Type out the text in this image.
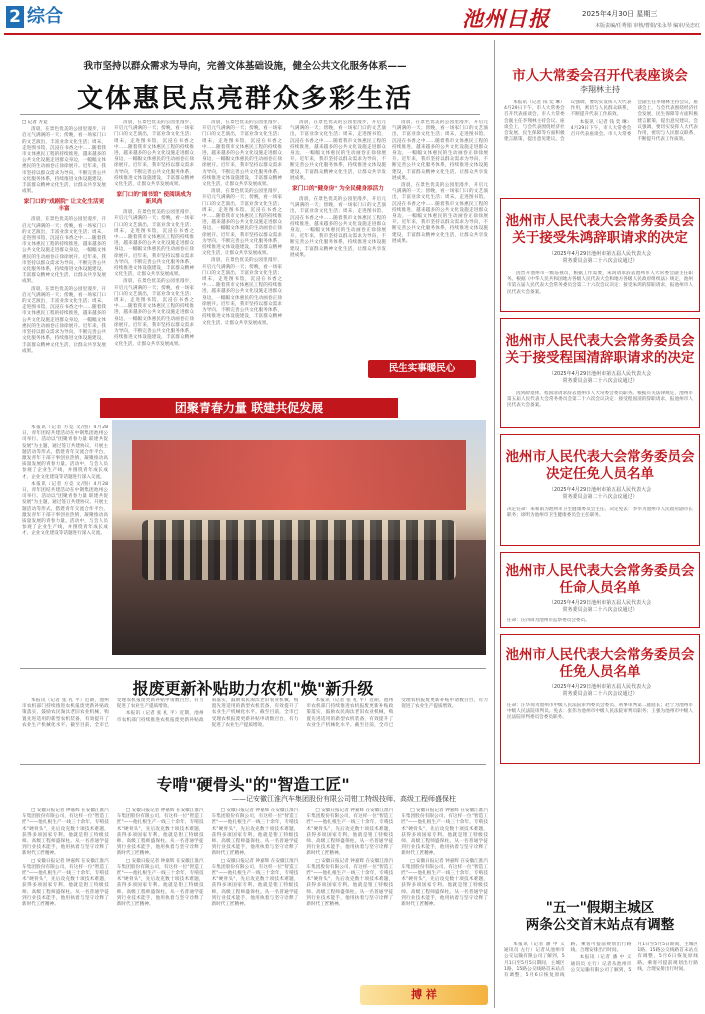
2 综合	池州日报	2025年4月30日 星期三
本版责编/任秀娟 审核/曹娟/朱永琴 编审/吴忠红
我市坚持以群众需求为导向，完善文体基础设施，健全公共文化服务体系——
文体惠民点亮群众多彩生活

□ 记者 方竞

清晨，在景色优美的公园里漫步，开启元气满满的一天；傍晚，看一场家门口的文艺演出，丰富业余文化生活；周末，走进图书馆，沉浸在书香之中……随着我市文体惠民工程的持续推进，越来越多的公共文化设施走进群众身边，一幅幅文体惠民的生动画卷正徐徐展开。近年来，我市坚持以群众需求为导向，不断完善公共文化服务体系，持续推进文体设施建设，丰富群众精神文化生活，让群众共享发展成果。

家门口的"戏剧院" 让文化生活更丰富

清晨，在景色优美的公园里漫步，开启元气满满的一天；傍晚，看一场家门口的文艺演出，丰富业余文化生活；周末，走进图书馆，沉浸在书香之中……随着我市文体惠民工程的持续推进，越来越多的公共文化设施走进群众身边，一幅幅文体惠民的生动画卷正徐徐展开。近年来，我市坚持以群众需求为导向，不断完善公共文化服务体系，持续推进文体设施建设，丰富群众精神文化生活，让群众共享发展成果。

清晨，在景色优美的公园里漫步，开启元气满满的一天；傍晚，看一场家门口的文艺演出，丰富业余文化生活；周末，走进图书馆，沉浸在书香之中……随着我市文体惠民工程的持续推进，越来越多的公共文化设施走进群众身边，一幅幅文体惠民的生动画卷正徐徐展开。近年来，我市坚持以群众需求为导向，不断完善公共文化服务体系，持续推进文体设施建设，丰富群众精神文化生活，让群众共享发展成果。

清晨，在景色优美的公园里漫步，开启元气满满的一天；傍晚，看一场家门口的文艺演出，丰富业余文化生活；周末，走进图书馆，沉浸在书香之中……随着我市文体惠民工程的持续推进，越来越多的公共文化设施走进群众身边，一幅幅文体惠民的生动画卷正徐徐展开。近年来，我市坚持以群众需求为导向，不断完善公共文化服务体系，持续推进文体设施建设，丰富群众精神文化生活，让群众共享发展成果。

家门口的"图书馆" 使阅读成为新风尚

清晨，在景色优美的公园里漫步，开启元气满满的一天；傍晚，看一场家门口的文艺演出，丰富业余文化生活；周末，走进图书馆，沉浸在书香之中……随着我市文体惠民工程的持续推进，越来越多的公共文化设施走进群众身边，一幅幅文体惠民的生动画卷正徐徐展开。近年来，我市坚持以群众需求为导向，不断完善公共文化服务体系，持续推进文体设施建设，丰富群众精神文化生活，让群众共享发展成果。

清晨，在景色优美的公园里漫步，开启元气满满的一天；傍晚，看一场家门口的文艺演出，丰富业余文化生活；周末，走进图书馆，沉浸在书香之中……随着我市文体惠民工程的持续推进，越来越多的公共文化设施走进群众身边，一幅幅文体惠民的生动画卷正徐徐展开。近年来，我市坚持以群众需求为导向，不断完善公共文化服务体系，持续推进文体设施建设，丰富群众精神文化生活，让群众共享发展成果。

清晨，在景色优美的公园里漫步，开启元气满满的一天；傍晚，看一场家门口的文艺演出，丰富业余文化生活；周末，走进图书馆，沉浸在书香之中……随着我市文体惠民工程的持续推进，越来越多的公共文化设施走进群众身边，一幅幅文体惠民的生动画卷正徐徐展开。近年来，我市坚持以群众需求为导向，不断完善公共文化服务体系，持续推进文体设施建设，丰富群众精神文化生活，让群众共享发展成果。

清晨，在景色优美的公园里漫步，开启元气满满的一天；傍晚，看一场家门口的文艺演出，丰富业余文化生活；周末，走进图书馆，沉浸在书香之中……随着我市文体惠民工程的持续推进，越来越多的公共文化设施走进群众身边，一幅幅文体惠民的生动画卷正徐徐展开。近年来，我市坚持以群众需求为导向，不断完善公共文化服务体系，持续推进文体设施建设，丰富群众精神文化生活，让群众共享发展成果。

清晨，在景色优美的公园里漫步，开启元气满满的一天；傍晚，看一场家门口的文艺演出，丰富业余文化生活；周末，走进图书馆，沉浸在书香之中……随着我市文体惠民工程的持续推进，越来越多的公共文化设施走进群众身边，一幅幅文体惠民的生动画卷正徐徐展开。近年来，我市坚持以群众需求为导向，不断完善公共文化服务体系，持续推进文体设施建设，丰富群众精神文化生活，让群众共享发展成果。

清晨，在景色优美的公园里漫步，开启元气满满的一天；傍晚，看一场家门口的文艺演出，丰富业余文化生活；周末，走进图书馆，沉浸在书香之中……随着我市文体惠民工程的持续推进，越来越多的公共文化设施走进群众身边，一幅幅文体惠民的生动画卷正徐徐展开。近年来，我市坚持以群众需求为导向，不断完善公共文化服务体系，持续推进文体设施建设，丰富群众精神文化生活，让群众共享发展成果。

家门口的"健身房" 为全民健身添活力

清晨，在景色优美的公园里漫步，开启元气满满的一天；傍晚，看一场家门口的文艺演出，丰富业余文化生活；周末，走进图书馆，沉浸在书香之中……随着我市文体惠民工程的持续推进，越来越多的公共文化设施走进群众身边，一幅幅文体惠民的生动画卷正徐徐展开。近年来，我市坚持以群众需求为导向，不断完善公共文化服务体系，持续推进文体设施建设，丰富群众精神文化生活，让群众共享发展成果。

清晨，在景色优美的公园里漫步，开启元气满满的一天；傍晚，看一场家门口的文艺演出，丰富业余文化生活；周末，走进图书馆，沉浸在书香之中……随着我市文体惠民工程的持续推进，越来越多的公共文化设施走进群众身边，一幅幅文体惠民的生动画卷正徐徐展开。近年来，我市坚持以群众需求为导向，不断完善公共文化服务体系，持续推进文体设施建设，丰富群众精神文化生活，让群众共享发展成果。

清晨，在景色优美的公园里漫步，开启元气满满的一天；傍晚，看一场家门口的文艺演出，丰富业余文化生活；周末，走进图书馆，沉浸在书香之中……随着我市文体惠民工程的持续推进，越来越多的公共文化设施走进群众身边，一幅幅文体惠民的生动画卷正徐徐展开。近年来，我市坚持以群众需求为导向，不断完善公共文化服务体系，持续推进文体设施建设，丰富群众精神文化生活，让群众共享发展成果。

民生实事暖民心
团聚青春力量 联建共促发展

本报讯（记者 方竞 文/图）4月28日，青年团结共建活动在中钢集团池州公司举行。活动以"团聚青春力量 联建共促发展"为主题，通过签订共建协议、开展主题活动等形式，搭建青年交流合作平台，激发青年干部干事创业热情，凝聚推动高质量发展的青春力量。活动中，与会人员参观了企业生产线，并围绕青年成长成才、企业文化建设等话题进行深入交流。

本报讯（记者 方竞 文/图）4月28日，青年团结共建活动在中钢集团池州公司举行。活动以"团聚青春力量 联建共促发展"为主题，通过签订共建协议、开展主题活动等形式，搭建青年交流合作平台，激发青年干部干事创业热情，凝聚推动高质量发展的青春力量。活动中，与会人员参观了企业生产线，并围绕青年成长成才、企业文化建设等话题进行深入交流。

报废更新补贴助力农机"焕"新升级

本报讯（记者 张 礼 平）近期，池州市农机部门持续推进农机报废更新补贴政策落实，鼓励农民淘汰老旧农业机械，购置先进适用的新型农机装备，有效提升了农业生产机械化水平。截至目前，全市已受理农机报废更新补贴申请数百台，有力促进了农业生产提质增效。

本报讯（记者 张 礼 平）近期，池州市农机部门持续推进农机报废更新补贴政策落实，鼓励农民淘汰老旧农业机械，购置先进适用的新型农机装备，有效提升了农业生产机械化水平。截至目前，全市已受理农机报废更新补贴申请数百台，有力促进了农业生产提质增效。

本报讯（记者 张 礼 平）近期，池州市农机部门持续推进农机报废更新补贴政策落实，鼓励农民淘汰老旧农业机械，购置先进适用的新型农机装备，有效提升了农业生产机械化水平。截至目前，全市已受理农机报废更新补贴申请数百台，有力促进了农业生产提质增效。

专啃"硬骨头"的"智造工匠"
——记安徽江淮汽车集团股份有限公司钳工特级技师、高级工程师盛保柱

□ 安徽日报记者 钟嘉辉 在安徽江淮汽车集团股份有限公司，有这样一位"智造工匠"——他扎根生产一线三十余年，专啃技术"硬骨头"，先后攻克数十项技术难题，获得多项国家专利。他就是钳工特级技师、高级工程师盛保柱。从一名普通学徒到行业技术能手，他用执着与坚守诠释了新时代工匠精神。

□ 安徽日报记者 钟嘉辉 在安徽江淮汽车集团股份有限公司，有这样一位"智造工匠"——他扎根生产一线三十余年，专啃技术"硬骨头"，先后攻克数十项技术难题，获得多项国家专利。他就是钳工特级技师、高级工程师盛保柱。从一名普通学徒到行业技术能手，他用执着与坚守诠释了新时代工匠精神。

□ 安徽日报记者 钟嘉辉 在安徽江淮汽车集团股份有限公司，有这样一位"智造工匠"——他扎根生产一线三十余年，专啃技术"硬骨头"，先后攻克数十项技术难题，获得多项国家专利。他就是钳工特级技师、高级工程师盛保柱。从一名普通学徒到行业技术能手，他用执着与坚守诠释了新时代工匠精神。

□ 安徽日报记者 钟嘉辉 在安徽江淮汽车集团股份有限公司，有这样一位"智造工匠"——他扎根生产一线三十余年，专啃技术"硬骨头"，先后攻克数十项技术难题，获得多项国家专利。他就是钳工特级技师、高级工程师盛保柱。从一名普通学徒到行业技术能手，他用执着与坚守诠释了新时代工匠精神。

□ 安徽日报记者 钟嘉辉 在安徽江淮汽车集团股份有限公司，有这样一位"智造工匠"——他扎根生产一线三十余年，专啃技术"硬骨头"，先后攻克数十项技术难题，获得多项国家专利。他就是钳工特级技师、高级工程师盛保柱。从一名普通学徒到行业技术能手，他用执着与坚守诠释了新时代工匠精神。

□ 安徽日报记者 钟嘉辉 在安徽江淮汽车集团股份有限公司，有这样一位"智造工匠"——他扎根生产一线三十余年，专啃技术"硬骨头"，先后攻克数十项技术难题，获得多项国家专利。他就是钳工特级技师、高级工程师盛保柱。从一名普通学徒到行业技术能手，他用执着与坚守诠释了新时代工匠精神。

□ 安徽日报记者 钟嘉辉 在安徽江淮汽车集团股份有限公司，有这样一位"智造工匠"——他扎根生产一线三十余年，专啃技术"硬骨头"，先后攻克数十项技术难题，获得多项国家专利。他就是钳工特级技师、高级工程师盛保柱。从一名普通学徒到行业技术能手，他用执着与坚守诠释了新时代工匠精神。

□ 安徽日报记者 钟嘉辉 在安徽江淮汽车集团股份有限公司，有这样一位"智造工匠"——他扎根生产一线三十余年，专啃技术"硬骨头"，先后攻克数十项技术难题，获得多项国家专利。他就是钳工特级技师、高级工程师盛保柱。从一名普通学徒到行业技术能手，他用执着与坚守诠释了新时代工匠精神。

□ 安徽日报记者 钟嘉辉 在安徽江淮汽车集团股份有限公司，有这样一位"智造工匠"——他扎根生产一线三十余年，专啃技术"硬骨头"，先后攻克数十项技术难题，获得多项国家专利。他就是钳工特级技师、高级工程师盛保柱。从一名普通学徒到行业技术能手，他用执着与坚守诠释了新时代工匠精神。

□ 安徽日报记者 钟嘉辉 在安徽江淮汽车集团股份有限公司，有这样一位"智造工匠"——他扎根生产一线三十余年，专啃技术"硬骨头"，先后攻克数十项技术难题，获得多项国家专利。他就是钳工特级技师、高级工程师盛保柱。从一名普通学徒到行业技术能手，他用执着与坚守诠释了新时代工匠精神。

搏 祥
市人大常委会召开代表座谈会
李翔林主持

本报讯（记者 钱 奕 琳）4月29日下午，市人大常委会召开代表座谈会。市人大常委会副主任李翔林主持会议。座谈会上，与会代表围绕经济社会发展、民生保障等方面积极建言献策，提出意见建议。会议强调，要切实发挥人大代表作用，密切与人民群众联系，不断提升代表工作质效。

本报讯（记者 钱 奕 琳）4月29日下午，市人大常委会召开代表座谈会。市人大常委会副主任李翔林主持会议。座谈会上，与会代表围绕经济社会发展、民生保障等方面积极建言献策，提出意见建议。会议强调，要切实发挥人大代表作用，密切与人民群众联系，不断提升代表工作质效。

池州市人民代表大会常务委员会
关于接受朱鸿辞职请求的决定
（2025年4月29日池州市第五届人民代表大会
常务委员会第二十六次会议通过）
因晋升池州市一级巡视员，根据工作需要，朱鸿请求辞去池州市人大常委会副主任职务。根据《中华人民共和国地方各级人民代表大会和地方各级人民政府组织法》规定，池州市第五届人民代表大会常务委员会第二十六次会议决定：接受朱鸿的辞职请求，报池州市人民代表大会备案。
池州市人民代表大会常务委员会
关于接受程国清辞职请求的决定
（2025年4月29日池州市第五届人民代表大会
常务委员会第二十六次会议通过）
因到龄退休，程国清请求辞去池州市人大常委会委员职务。根据有关法律规定，池州市第五届人民代表大会常务委员会第二十六次会议决定：接受程国清的辞职请求，报池州市人民代表大会备案。
池州市人民代表大会常务委员会
决定任免人员名单
（2025年4月29日池州市第五届人民代表大会
常务委员会第二十六次会议通过）
决定任命：朱和雨为池州市卫生健康委员会主任。决定免去：李华为池州市人民政府副市长职务；徐明为池州市卫生健康委员会主任职务。
池州市人民代表大会常务委员会
任命人员名单
（2025年4月29日池州市第五届人民代表大会
常务委员会第二十六次会议通过）
任命：汪四锋为池州市监察委员会委员。
池州市人民代表大会常务委员会
任免人员名单
（2025年4月29日池州市第五届人民代表大会
常务委员会第二十六次会议通过）
任命：汪华岗为池州市中级人民法院审判委员会委员、刑事审判第二庭庭长；赵宁为池州市中级人民法院审判员。免去：张伟为池州市中级人民法院审判员职务；王强为池州市中级人民法院审判委员会委员职务。
"五一"假期主城区
两条公交首末站点有调整

本报讯（记者 潘 中 义 通讯员 左行）记者从池州市公交运输有限公司了解到，5月1日至5月5日期间，主城区1路、15路公交线路首末站点有调整，5月6日恢复原线路。乘客可提前规划出行路线，合理安排出行时间。

本报讯（记者 潘 中 义 通讯员 左行）记者从池州市公交运输有限公司了解到，5月1日至5月5日期间，主城区1路、15路公交线路首末站点有调整，5月6日恢复原线路。乘客可提前规划出行路线，合理安排出行时间。
